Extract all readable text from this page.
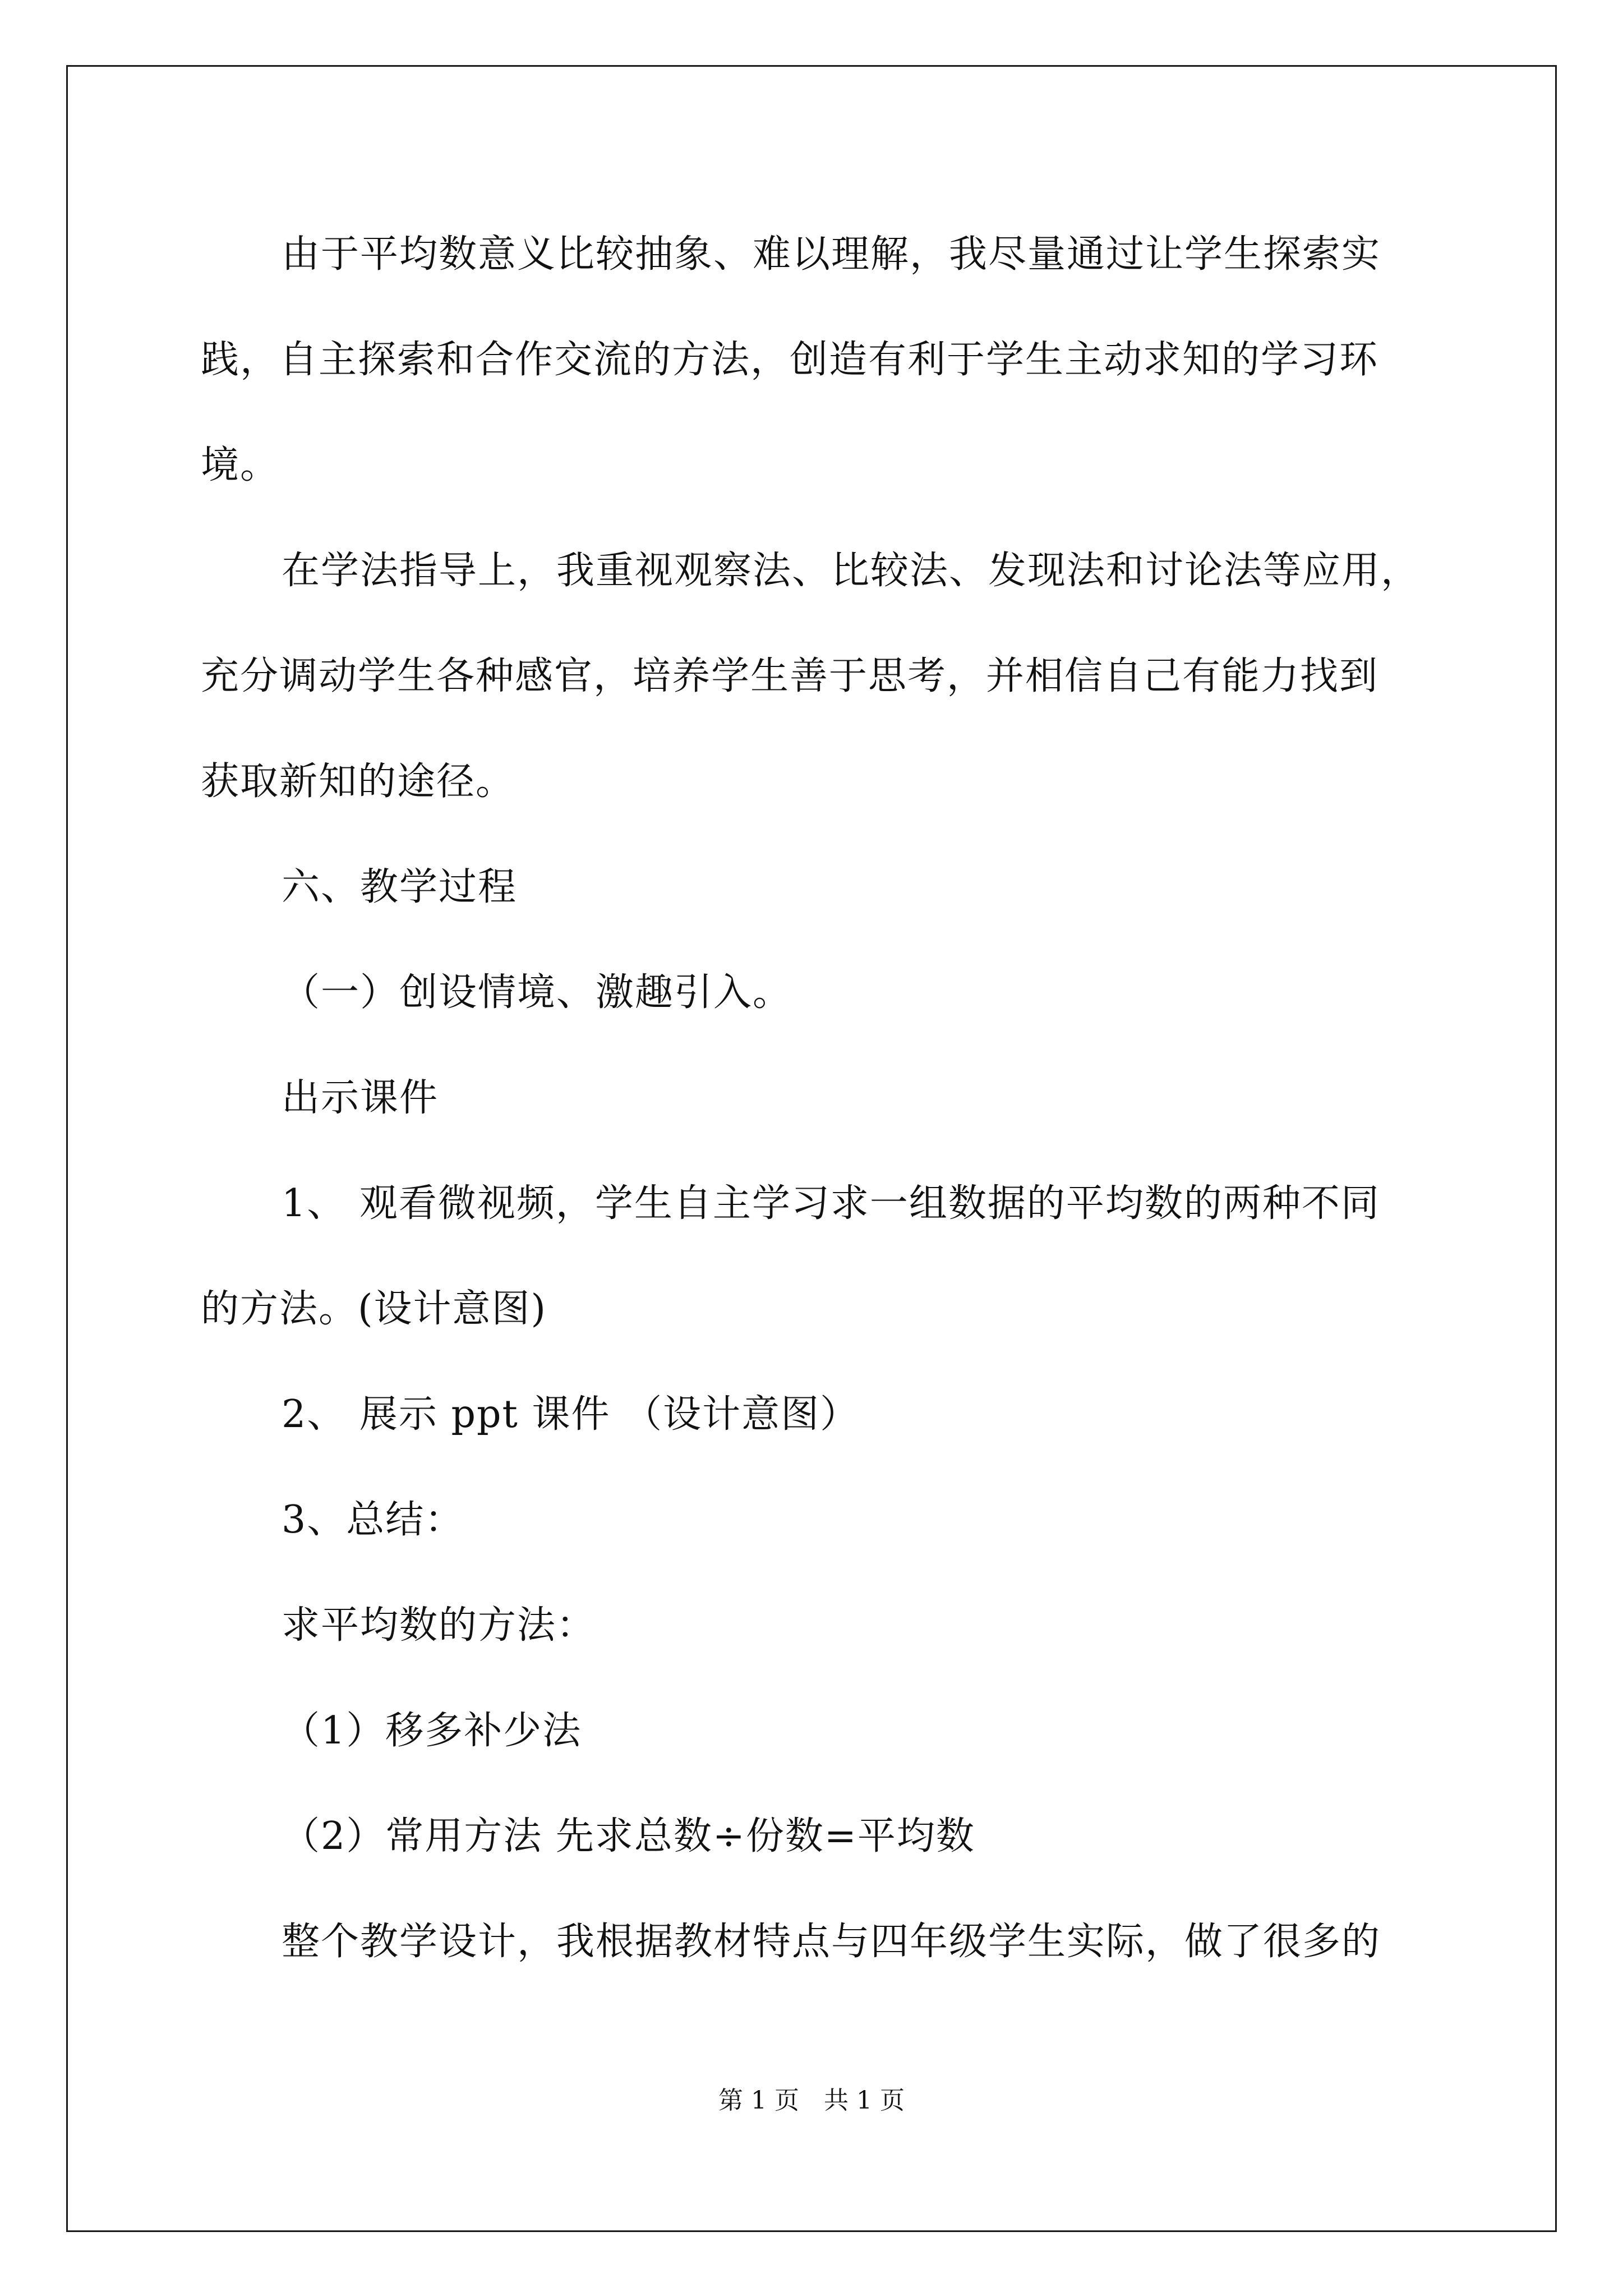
由于平均数意义比较抽象、难以理解，我尽量通过让学生探索实

践，自主探索和合作交流的方法，创造有利于学生主动求知的学习环

境。

在学法指导上，我重视观察法、比较法、发现法和讨论法等应用，

充分调动学生各种感官，培养学生善于思考，并相信自己有能力找到

获取新知的途径。

六、教学过程

（一）创设情境、激趣引入。

出示课件

1、 观看微视频，学生自主学习求一组数据的平均数的两种不同

的方法。(设计意图)

2、 展示 ppt 课件 （设计意图）

3、总结：

求平均数的方法：

（1）移多补少法

（2）常用方法 先求总数÷份数=平均数

整个教学设计，我根据教材特点与四年级学生实际，做了很多的

第 1 页　共 1 页
